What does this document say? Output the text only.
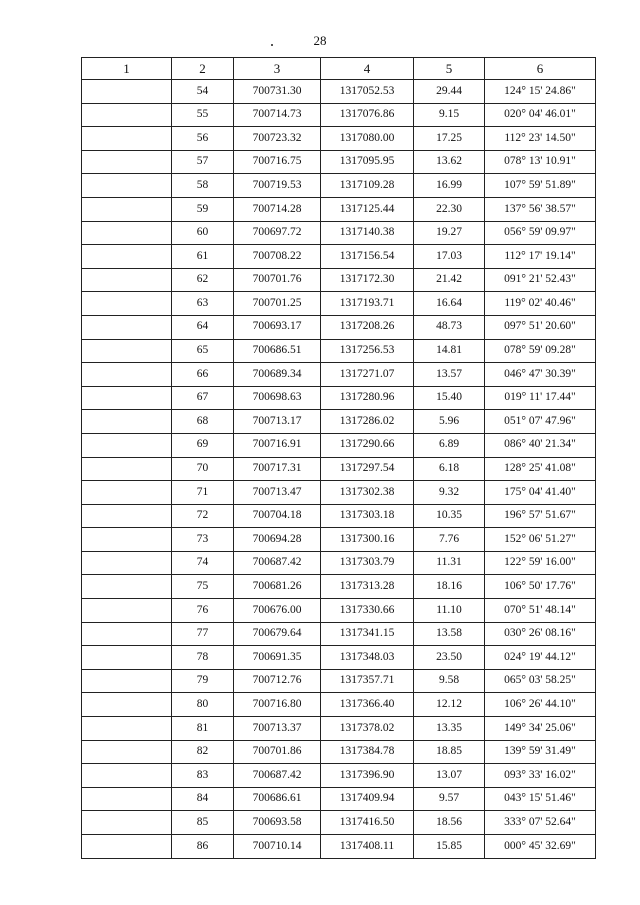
28
1	2	3	4	5	6
	54	700731.30	1317052.53	29.44	124° 15' 24.86"
	55	700714.73	1317076.86	9.15	020° 04' 46.01"
	56	700723.32	1317080.00	17.25	112° 23' 14.50"
	57	700716.75	1317095.95	13.62	078° 13' 10.91"
	58	700719.53	1317109.28	16.99	107° 59' 51.89"
	59	700714.28	1317125.44	22.30	137° 56' 38.57"
	60	700697.72	1317140.38	19.27	056° 59' 09.97"
	61	700708.22	1317156.54	17.03	112° 17' 19.14"
	62	700701.76	1317172.30	21.42	091° 21' 52.43"
	63	700701.25	1317193.71	16.64	119° 02' 40.46"
	64	700693.17	1317208.26	48.73	097° 51' 20.60"
	65	700686.51	1317256.53	14.81	078° 59' 09.28"
	66	700689.34	1317271.07	13.57	046° 47' 30.39"
	67	700698.63	1317280.96	15.40	019° 11' 17.44"
	68	700713.17	1317286.02	5.96	051° 07' 47.96"
	69	700716.91	1317290.66	6.89	086° 40' 21.34"
	70	700717.31	1317297.54	6.18	128° 25' 41.08"
	71	700713.47	1317302.38	9.32	175° 04' 41.40"
	72	700704.18	1317303.18	10.35	196° 57' 51.67"
	73	700694.28	1317300.16	7.76	152° 06' 51.27"
	74	700687.42	1317303.79	11.31	122° 59' 16.00"
	75	700681.26	1317313.28	18.16	106° 50' 17.76"
	76	700676.00	1317330.66	11.10	070° 51' 48.14"
	77	700679.64	1317341.15	13.58	030° 26' 08.16"
	78	700691.35	1317348.03	23.50	024° 19' 44.12"
	79	700712.76	1317357.71	9.58	065° 03' 58.25"
	80	700716.80	1317366.40	12.12	106° 26' 44.10"
	81	700713.37	1317378.02	13.35	149° 34' 25.06"
	82	700701.86	1317384.78	18.85	139° 59' 31.49"
	83	700687.42	1317396.90	13.07	093° 33' 16.02"
	84	700686.61	1317409.94	9.57	043° 15' 51.46"
	85	700693.58	1317416.50	18.56	333° 07' 52.64"
	86	700710.14	1317408.11	15.85	000° 45' 32.69"
